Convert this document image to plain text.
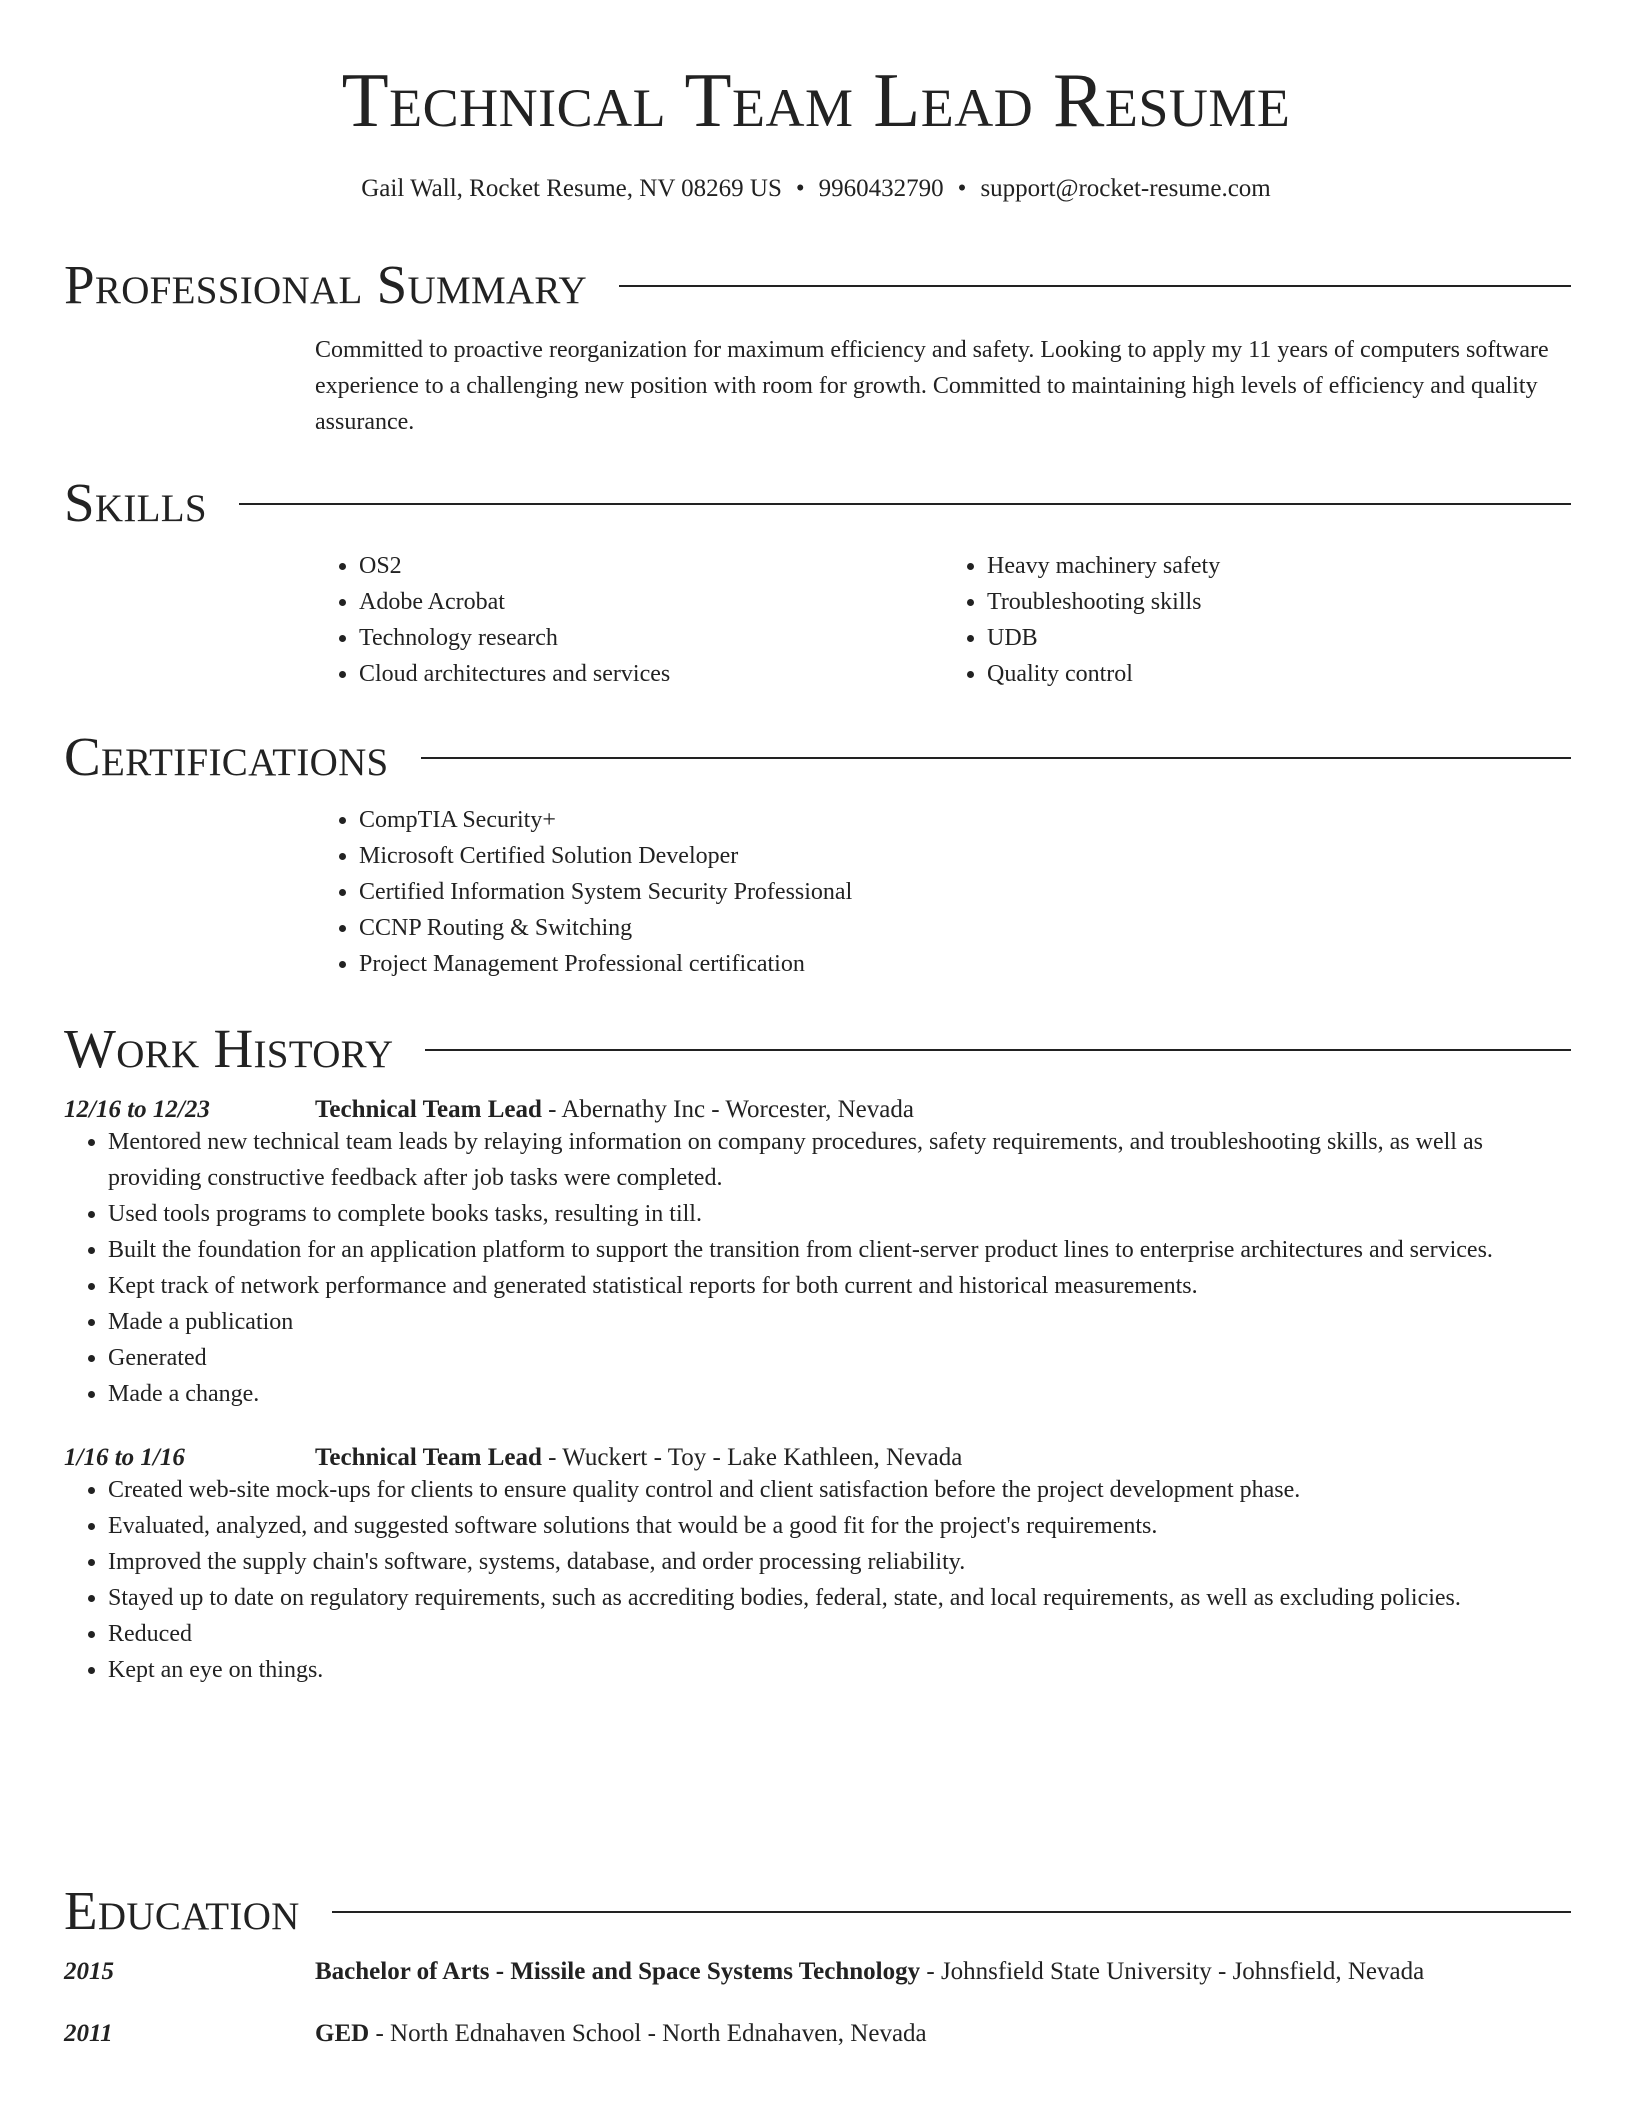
Technical Team Lead Resume
Gail Wall, Rocket Resume, NV 08269 US • 9960432790 • support@rocket-resume.com
Professional Summary
Committed to proactive reorganization for maximum efficiency and safety. Looking to apply my 11 years of computers software experience to a challenging new position with room for growth. Committed to maintaining high levels of efficiency and quality assurance.
Skills
• OS2
• Adobe Acrobat
• Technology research
• Cloud architectures and services
• Heavy machinery safety
• Troubleshooting skills
• UDB
• Quality control
Certifications
• CompTIA Security+
• Microsoft Certified Solution Developer
• Certified Information System Security Professional
• CCNP Routing & Switching
• Project Management Professional certification
Work History
12/16 to 12/23	Technical Team Lead - Abernathy Inc - Worcester, Nevada
• Mentored new technical team leads by relaying information on company procedures, safety requirements, and troubleshooting skills, as well as providing constructive feedback after job tasks were completed.
• Used tools programs to complete books tasks, resulting in till.
• Built the foundation for an application platform to support the transition from client-server product lines to enterprise architectures and services.
• Kept track of network performance and generated statistical reports for both current and historical measurements.
• Made a publication
• Generated
• Made a change.
1/16 to 1/16	Technical Team Lead - Wuckert - Toy - Lake Kathleen, Nevada
• Created web-site mock-ups for clients to ensure quality control and client satisfaction before the project development phase.
• Evaluated, analyzed, and suggested software solutions that would be a good fit for the project's requirements.
• Improved the supply chain's software, systems, database, and order processing reliability.
• Stayed up to date on regulatory requirements, such as accrediting bodies, federal, state, and local requirements, as well as excluding policies.
• Reduced
• Kept an eye on things.
Education
2015	Bachelor of Arts - Missile and Space Systems Technology - Johnsfield State University - Johnsfield, Nevada
2011	GED - North Ednahaven School - North Ednahaven, Nevada
